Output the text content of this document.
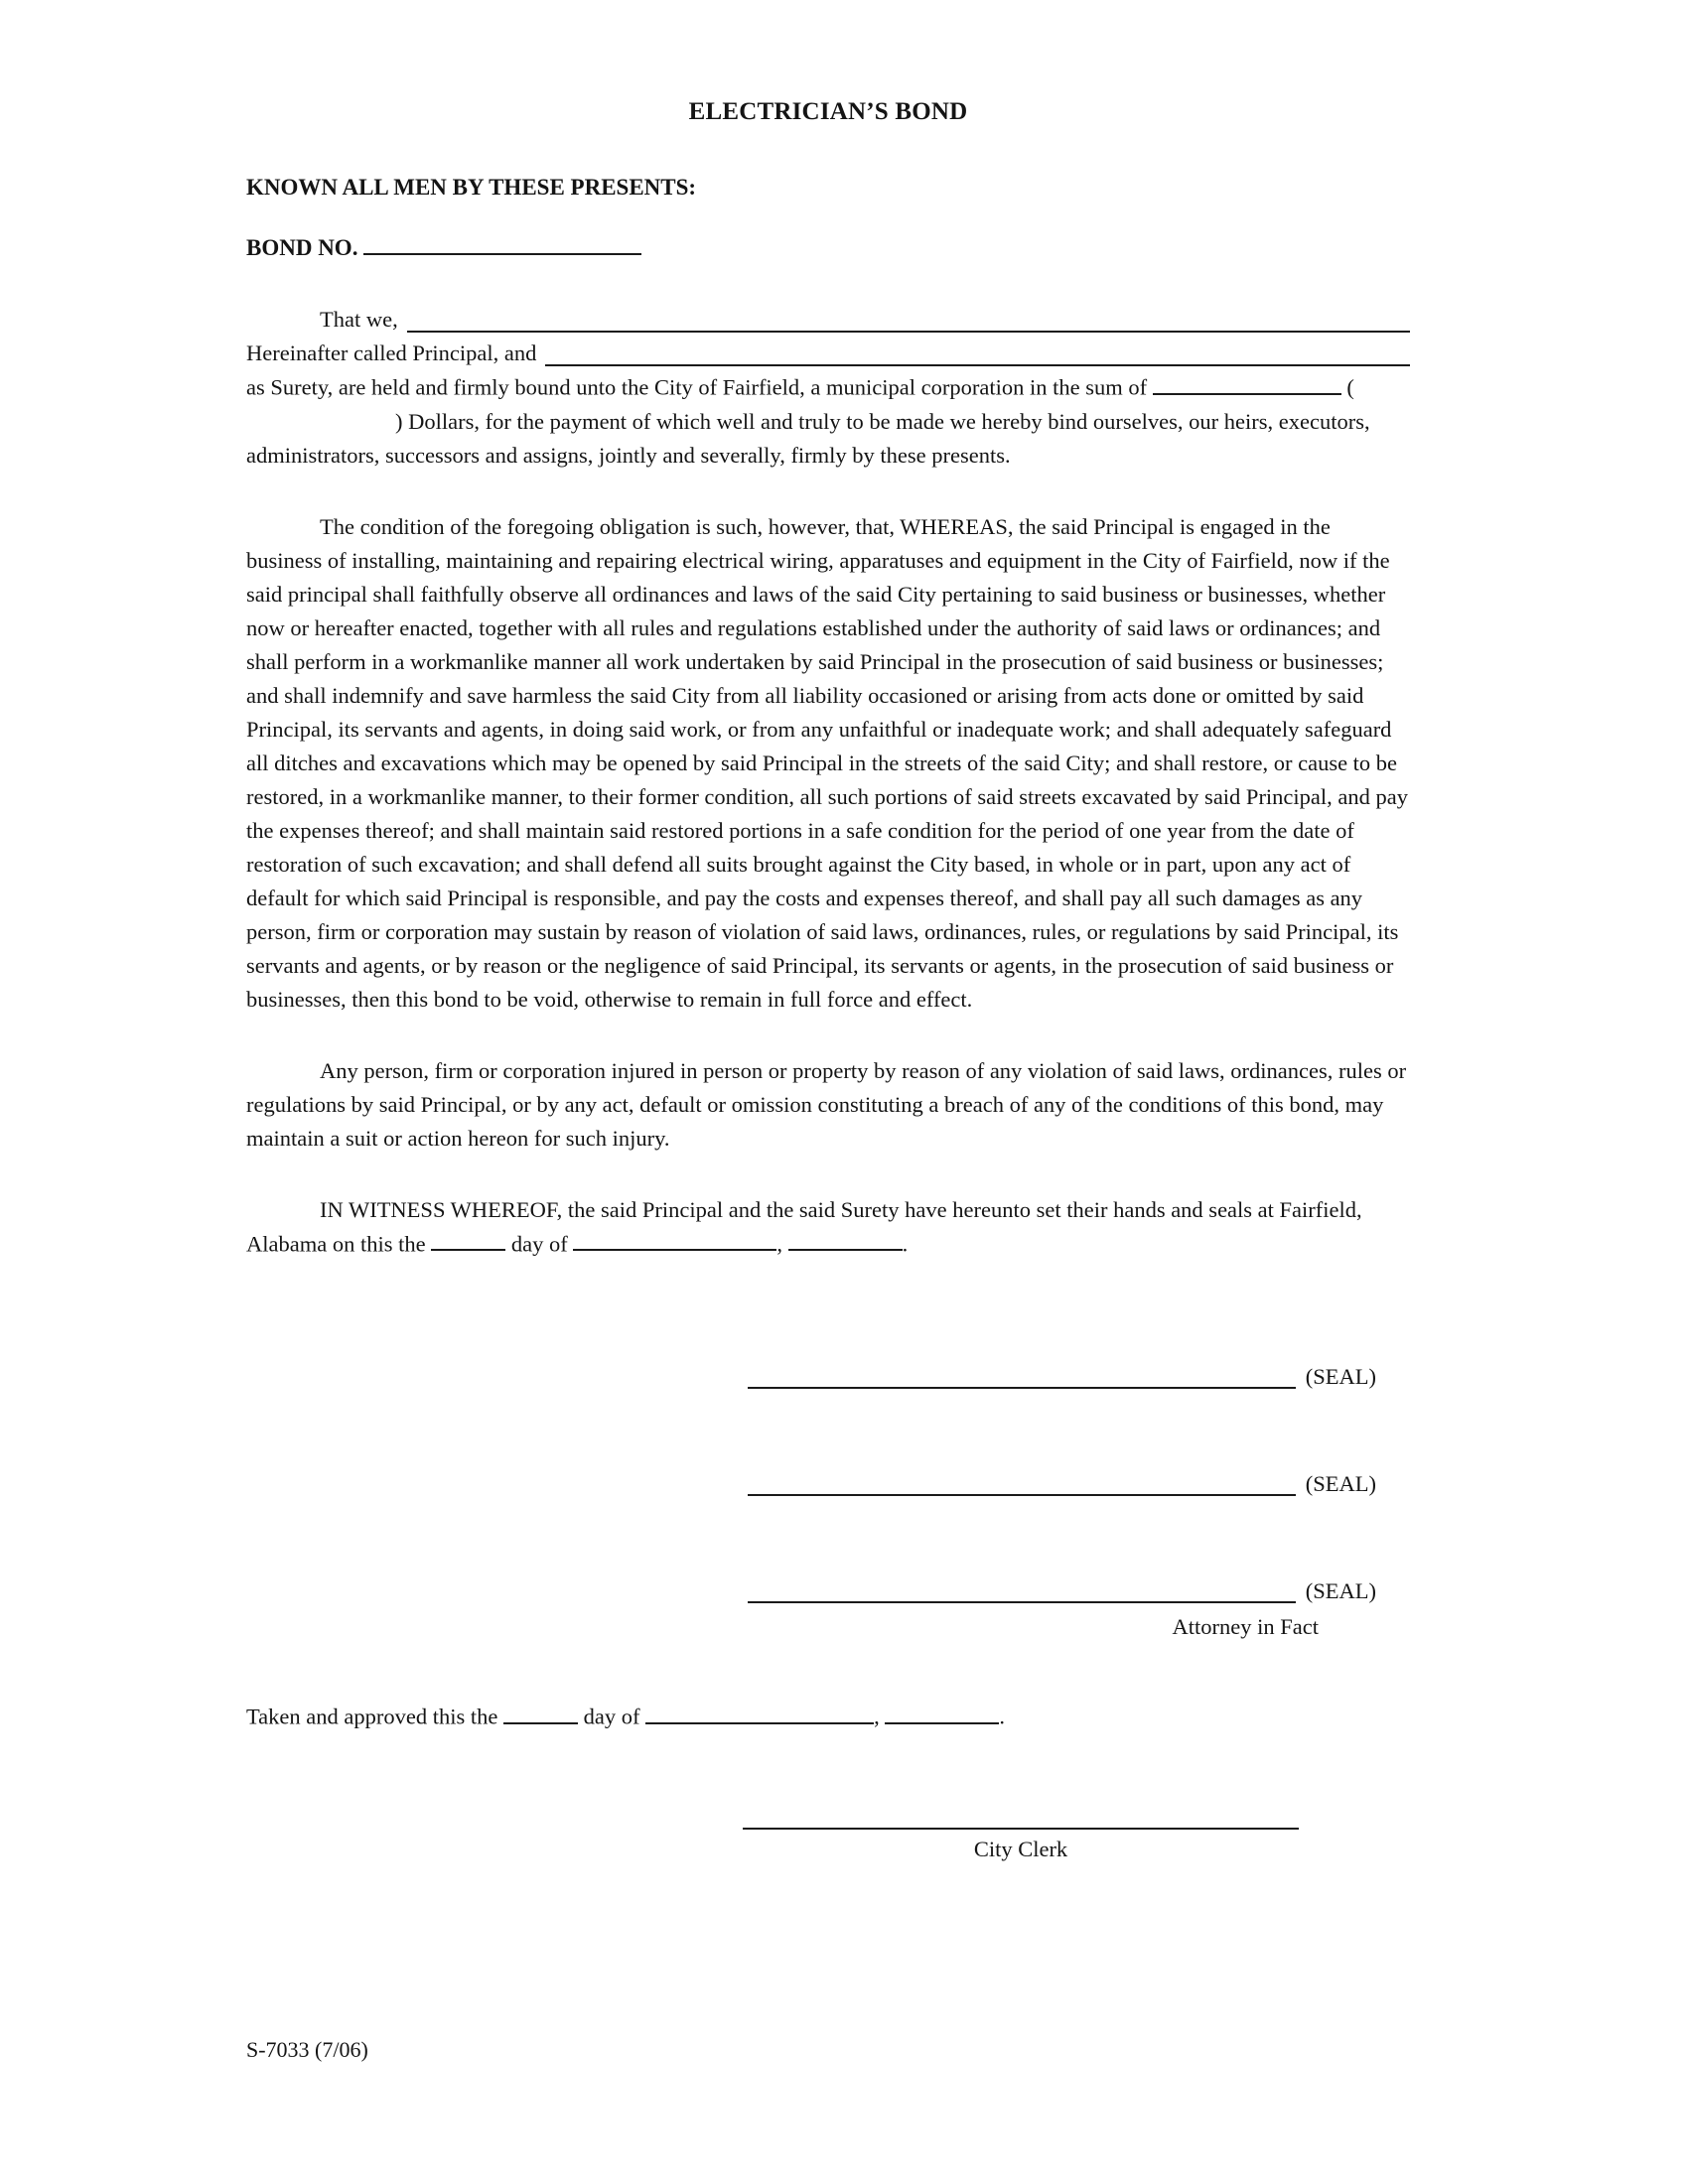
ELECTRICIAN’S BOND
KNOWN ALL MEN BY THESE PRESENTS:
BOND NO.
That we,
Hereinafter called Principal, and
as Surety, are held and firmly bound unto the City of Fairfield, a municipal corporation in the sum of	() Dollars, for the payment of which well and truly to be made we hereby bind ourselves, our heirs, executors, administrators, successors and assigns, jointly and severally, firmly by these presents.
The condition of the foregoing obligation is such, however, that, WHEREAS, the said Principal is engaged in the business of installing, maintaining and repairing electrical wiring, apparatuses and equipment in the City of Fairfield, now if the said principal shall faithfully observe all ordinances and laws of the said City pertaining to said business or businesses, whether now or hereafter enacted, together with all rules and regulations established under the authority of said laws or ordinances; and shall perform in a workmanlike manner all work undertaken by said Principal in the prosecution of said business or businesses; and shall indemnify and save harmless the said City from all liability occasioned or arising from acts done or omitted by said Principal, its servants and agents, in doing said work, or from any unfaithful or inadequate work; and shall adequately safeguard all ditches and excavations which may be opened by said Principal in the streets of the said City; and shall restore, or cause to be restored, in a workmanlike manner, to their former condition, all such portions of said streets excavated by said Principal, and pay the expenses thereof; and shall maintain said restored portions in a safe condition for the period of one year from the date of restoration of such excavation; and shall defend all suits brought against the City based, in whole or in part, upon any act of default for which said Principal is responsible, and pay the costs and expenses thereof, and shall pay all such damages as any person, firm or corporation may sustain by reason of violation of said laws, ordinances, rules, or regulations by said Principal, its servants and agents, or by reason or the negligence of said Principal, its servants or agents, in the prosecution of said business or businesses, then this bond to be void, otherwise to remain in full force and effect.
Any person, firm or corporation injured in person or property by reason of any violation of said laws, ordinances, rules or regulations by said Principal, or by any act, default or omission constituting a breach of any of the conditions of this bond, may maintain a suit or action hereon for such injury.
IN WITNESS WHEREOF, the said Principal and the said Surety have hereunto set their hands and seals at Fairfield, Alabama on this the	day of	,	.
(SEAL)
(SEAL)
(SEAL)
Attorney in Fact
Taken and approved this the	day of	,	.
City Clerk
S-7033 (7/06)
